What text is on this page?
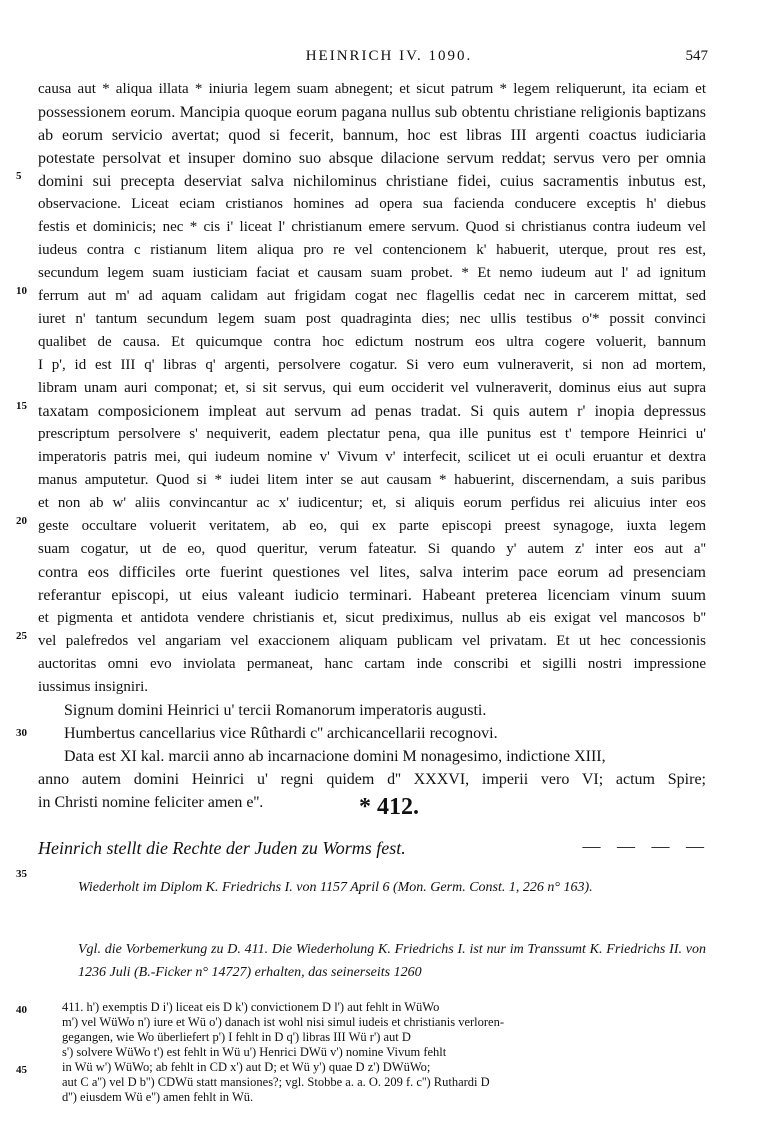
HEINRICH IV. 1090.	547
5
10
15
20
25
30
35
40
45
causa aut * aliqua illata * iniuria legem suam abnegent; et sicut patrum * legem reliquerunt, ita eciam et
possessionem eorum. Mancipia quoque eorum pagana nullus sub obtentu christiane religionis baptizans
ab eorum servicio avertat; quod si fecerit, bannum, hoc est libras III argenti coactus iudiciaria
potestate persolvat et insuper domino suo absque dilacione servum reddat; servus vero per omnia
domini sui precepta deserviat salva nichilominus christiane fidei, cuius sacramentis inbutus est,
observacione. Liceat eciam cristianos homines ad opera sua facienda conducere exceptis h' diebus
festis et dominicis; nec * cis i' liceat l' christianum emere servum. Quod si christianus contra iudeum vel
iudeus contra c ristianum litem aliqua pro re vel contencionem k' habuerit, uterque, prout res est,
secundum legem suam iusticiam faciat et causam suam probet. * Et nemo iudeum aut l' ad ignitum
ferrum aut m' ad aquam calidam aut frigidam cogat nec flagellis cedat nec in carcerem mittat, sed
iuret n' tantum secundum legem suam post quadraginta dies; nec ullis testibus o'* possit convinci
qualibet de causa. Et quicumque contra hoc edictum nostrum eos ultra cogere voluerit, bannum
I p', id est III q' libras q' argenti, persolvere cogatur. Si vero eum vulneraverit, si non ad mortem,
libram unam auri componat; et, si sit servus, qui eum occiderit vel vulneraverit, dominus eius aut supra
taxatam composicionem impleat aut servum ad penas tradat. Si quis autem r' inopia depressus
prescriptum persolvere s' nequiverit, eadem plectatur pena, qua ille punitus est t' tempore Heinrici u'
imperatoris patris mei, qui iudeum nomine v' Vivum v' interfecit, scilicet ut ei oculi eruantur et dextra
manus amputetur. Quod si * iudei litem inter se aut causam * habuerint, discernendam, a suis paribus
et non ab w' aliis convincantur ac x' iudicentur; et, si aliquis eorum perfidus rei alicuius inter eos
geste occultare voluerit veritatem, ab eo, qui ex parte episcopi preest synagoge, iuxta legem
suam cogatur, ut de eo, quod queritur, verum fateatur. Si quando y' autem z' inter eos aut a''
contra eos difficiles orte fuerint questiones vel lites, salva interim pace eorum ad presenciam
referantur episcopi, ut eius valeant iudicio terminari. Habeant preterea licenciam vinum suum
et pigmenta et antidota vendere christianis et, sicut prediximus, nullus ab eis exigat vel mancosos b''
vel palefredos vel angariam vel exaccionem aliquam publicam vel privatam. Et ut hec concessionis
auctoritas omni evo inviolata permaneat, hanc cartam inde conscribi et sigilli nostri impressione
iussimus insigniri.
Signum domini Heinrici u' tercii Romanorum imperatoris augusti.
Humbertus cancellarius vice Rûthardi c'' archicancellarii recognovi.
Data est XI kal. marcii anno ab incarnacione domini M nonagesimo, indictione XIII,
anno autem domini Heinrici u' regni quidem d'' XXXVI, imperii vero VI; actum Spire;
in Christi nomine feliciter amen e''.	* 412.
Heinrich stellt die Rechte der Juden zu Worms fest.	— — — —
Wiederholt im Diplom K. Friedrichs I. von 1157 April 6 (Mon. Germ. Const. 1, 226 n° 163).
Vgl. die Vorbemerkung zu D. 411. Die Wiederholung K. Friedrichs I. ist nur im Transsumt K. Friedrichs II. von 1236 Juli (B.-Ficker n° 14727) erhalten, das seinerseits 1260
411. h') exemptis D i') liceat eis D k') convictionem D l') aut fehlt in WüWo
m') vel WüWo n') iure et Wü o') danach ist wohl nisi simul iudeis et christianis verloren-
gegangen, wie Wo überliefert p') I fehlt in D q') libras III Wü r') aut D
s') solvere WüWo t') est fehlt in Wü u') Henrici DWü v') nomine Vivum fehlt
in Wü w') WüWo; ab fehlt in CD x') aut D; et Wü y') quae D z') DWüWo;
aut C a'') vel D b'') CDWü statt mansiones?; vgl. Stobbe a. a. O. 209 f. c'') Ruthardi D
d'') eiusdem Wü e'') amen fehlt in Wü.
